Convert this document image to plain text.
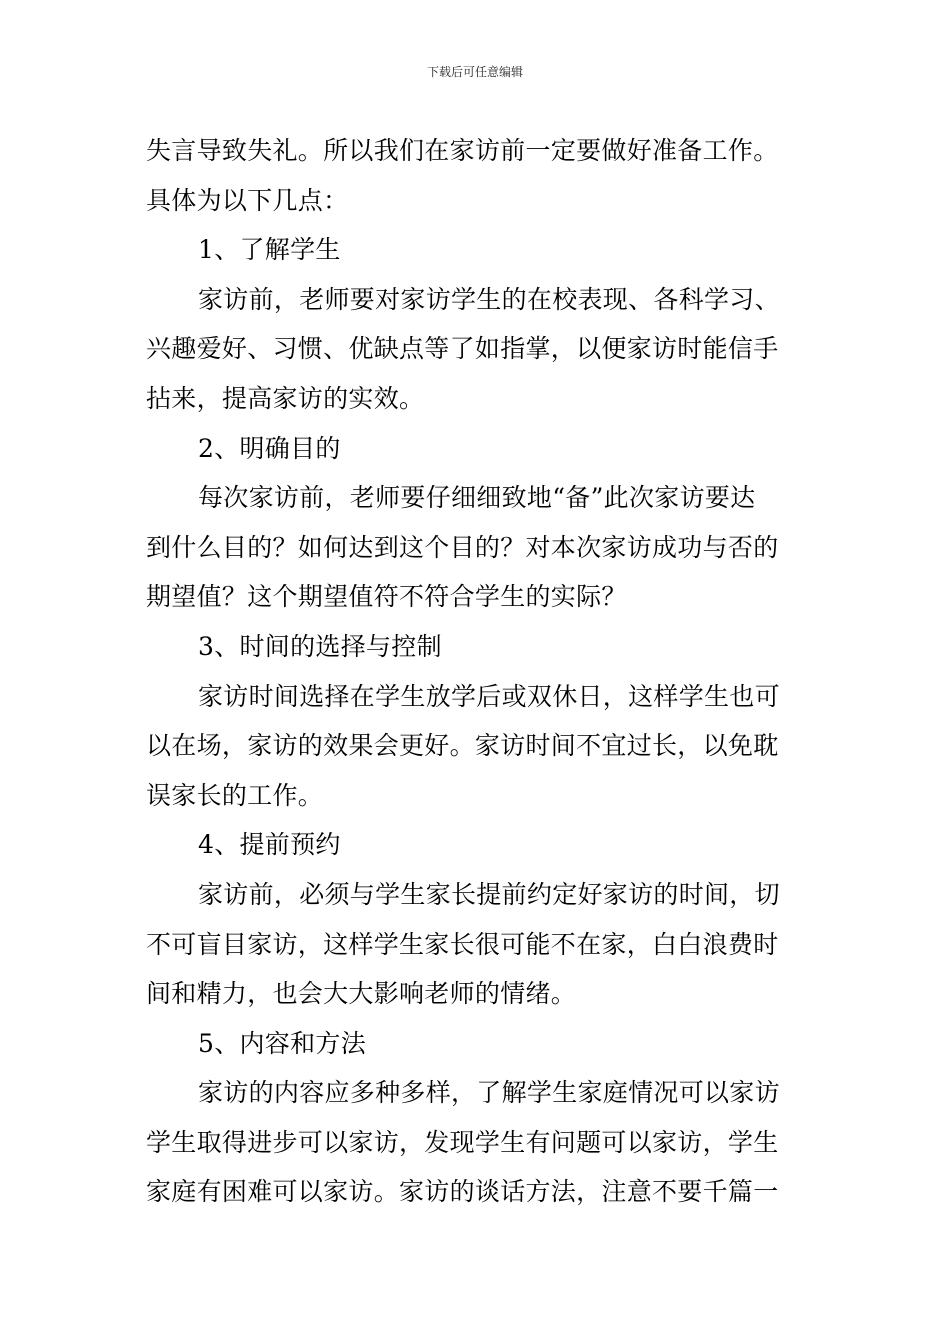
下载后可任意编辑
失言导致失礼。所以我们在家访前一定要做好准备工作。
具体为以下几点：
1、了解学生
家访前，老师要对家访学生的在校表现、各科学习、
兴趣爱好、习惯、优缺点等了如指掌，以便家访时能信手
拈来，提高家访的实效。
2、明确目的
每次家访前，老师要仔细细致地“备”此次家访要达
到什么目的？如何达到这个目的？对本次家访成功与否的
期望值？这个期望值符不符合学生的实际？
3、时间的选择与控制
家访时间选择在学生放学后或双休日，这样学生也可
以在场，家访的效果会更好。家访时间不宜过长，以免耽
误家长的工作。
4、提前预约
家访前，必须与学生家长提前约定好家访的时间，切
不可盲目家访，这样学生家长很可能不在家，白白浪费时
间和精力，也会大大影响老师的情绪。
5、内容和方法
家访的内容应多种多样，了解学生家庭情况可以家访
学生取得进步可以家访，发现学生有问题可以家访，学生
家庭有困难可以家访。家访的谈话方法，注意不要千篇一
